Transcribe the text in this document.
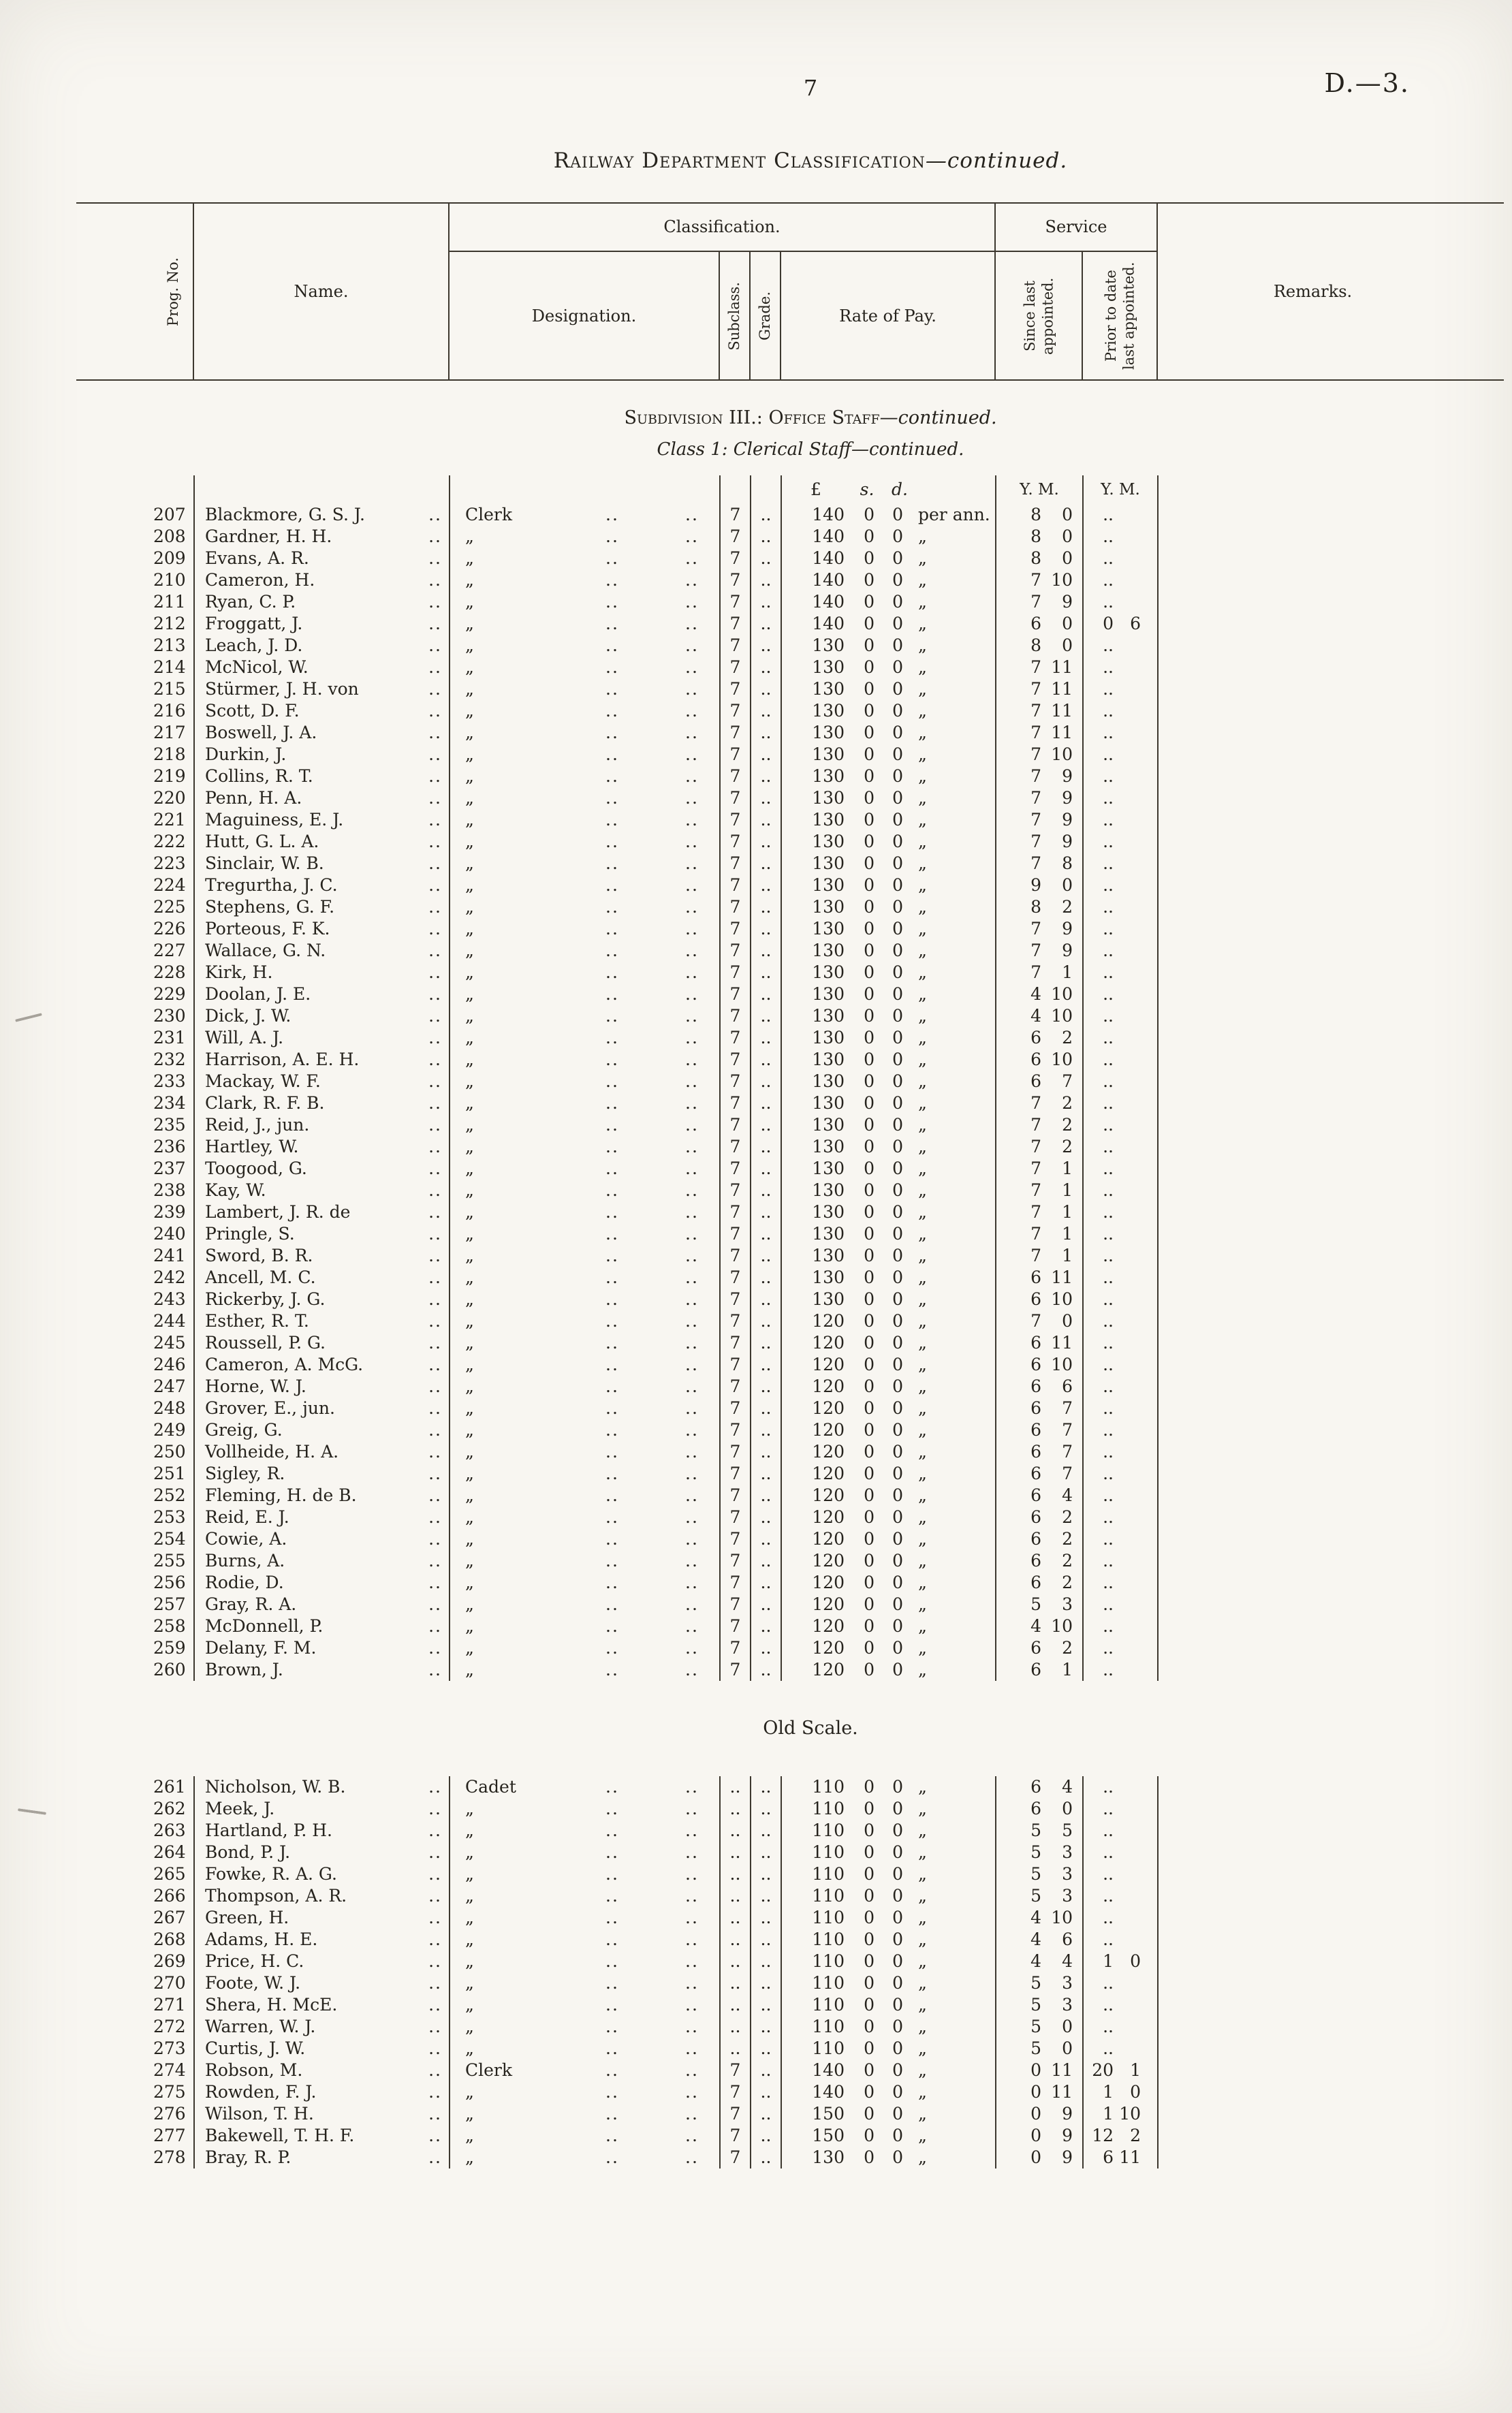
7	D.—3.
Railway Department Classification—continued.
Prog. No.	Name.
Classification.	Service
Remarks.
Designation.	Subclass. Grade.	Rate of Pay.	Since last appointed.	Prior to date last appointed.
Subdivision III.: Office Staff—continued.
Class 1: Clerical Staff—continued.

					£ s. d.	Y. M.	Y. M.	
207	Blackmore, G. S. J. ..	Clerk .. ..	7	..	140 0 0 per ann.	8 0	..	

208	Gardner, H. H. ..	„ .. ..	7	..	140 0 0 „	8 0	..	

209	Evans, A. R. ..	„ .. ..	7	..	140 0 0 „	8 0	..	

210	Cameron, H. ..	„ .. ..	7	..	140 0 0 „	7 10	..	

211	Ryan, C. P. ..	„ .. ..	7	..	140 0 0 „	7 9	..	

212	Froggatt, J. ..	„ .. ..	7	..	140 0 0 „	6 0	0 6	

213	Leach, J. D. ..	„ .. ..	7	..	130 0 0 „	8 0	..	

214	McNicol, W. ..	„ .. ..	7	..	130 0 0 „	7 11	..	

215	Stürmer, J. H. von ..	„ .. ..	7	..	130 0 0 „	7 11	..	

216	Scott, D. F. ..	„ .. ..	7	..	130 0 0 „	7 11	..	

217	Boswell, J. A. ..	„ .. ..	7	..	130 0 0 „	7 11	..	

218	Durkin, J. ..	„ .. ..	7	..	130 0 0 „	7 10	..	

219	Collins, R. T. ..	„ .. ..	7	..	130 0 0 „	7 9	..	

220	Penn, H. A. ..	„ .. ..	7	..	130 0 0 „	7 9	..	

221	Maguiness, E. J. ..	„ .. ..	7	..	130 0 0 „	7 9	..	

222	Hutt, G. L. A. ..	„ .. ..	7	..	130 0 0 „	7 9	..	

223	Sinclair, W. B. ..	„ .. ..	7	..	130 0 0 „	7 8	..	

224	Tregurtha, J. C. ..	„ .. ..	7	..	130 0 0 „	9 0	..	

225	Stephens, G. F. ..	„ .. ..	7	..	130 0 0 „	8 2	..	

226	Porteous, F. K. ..	„ .. ..	7	..	130 0 0 „	7 9	..	

227	Wallace, G. N. ..	„ .. ..	7	..	130 0 0 „	7 9	..	

228	Kirk, H. ..	„ .. ..	7	..	130 0 0 „	7 1	..	

229	Doolan, J. E. ..	„ .. ..	7	..	130 0 0 „	4 10	..	

230	Dick, J. W. ..	„ .. ..	7	..	130 0 0 „	4 10	..	

231	Will, A. J. ..	„ .. ..	7	..	130 0 0 „	6 2	..	

232	Harrison, A. E. H. ..	„ .. ..	7	..	130 0 0 „	6 10	..	

233	Mackay, W. F. ..	„ .. ..	7	..	130 0 0 „	6 7	..	

234	Clark, R. F. B. ..	„ .. ..	7	..	130 0 0 „	7 2	..	

235	Reid, J., jun. ..	„ .. ..	7	..	130 0 0 „	7 2	..	

236	Hartley, W. ..	„ .. ..	7	..	130 0 0 „	7 2	..	

237	Toogood, G. ..	„ .. ..	7	..	130 0 0 „	7 1	..	

238	Kay, W. ..	„ .. ..	7	..	130 0 0 „	7 1	..	

239	Lambert, J. R. de ..	„ .. ..	7	..	130 0 0 „	7 1	..	

240	Pringle, S. ..	„ .. ..	7	..	130 0 0 „	7 1	..	

241	Sword, B. R. ..	„ .. ..	7	..	130 0 0 „	7 1	..	

242	Ancell, M. C. ..	„ .. ..	7	..	130 0 0 „	6 11	..	

243	Rickerby, J. G. ..	„ .. ..	7	..	130 0 0 „	6 10	..	

244	Esther, R. T. ..	„ .. ..	7	..	120 0 0 „	7 0	..	

245	Roussell, P. G. ..	„ .. ..	7	..	120 0 0 „	6 11	..	

246	Cameron, A. McG. ..	„ .. ..	7	..	120 0 0 „	6 10	..	

247	Horne, W. J. ..	„ .. ..	7	..	120 0 0 „	6 6	..	

248	Grover, E., jun. ..	„ .. ..	7	..	120 0 0 „	6 7	..	

249	Greig, G. ..	„ .. ..	7	..	120 0 0 „	6 7	..	

250	Vollheide, H. A. ..	„ .. ..	7	..	120 0 0 „	6 7	..	

251	Sigley, R. ..	„ .. ..	7	..	120 0 0 „	6 7	..	

252	Fleming, H. de B. ..	„ .. ..	7	..	120 0 0 „	6 4	..	

253	Reid, E. J. ..	„ .. ..	7	..	120 0 0 „	6 2	..	

254	Cowie, A. ..	„ .. ..	7	..	120 0 0 „	6 2	..	

255	Burns, A. ..	„ .. ..	7	..	120 0 0 „	6 2	..	

256	Rodie, D. ..	„ .. ..	7	..	120 0 0 „	6 2	..	

257	Gray, R. A. ..	„ .. ..	7	..	120 0 0 „	5 3	..	

258	McDonnell, P. ..	„ .. ..	7	..	120 0 0 „	4 10	..	

259	Delany, F. M. ..	„ .. ..	7	..	120 0 0 „	6 2	..	

260	Brown, J. ..	„ .. ..	7	..	120 0 0 „	6 1	..	

Old Scale.								
261	Nicholson, W. B. ..	Cadet .. ..	..	..	110 0 0 „	6 4	..	

262	Meek, J. ..	„ .. ..	..	..	110 0 0 „	6 0	..	

263	Hartland, P. H. ..	„ .. ..	..	..	110 0 0 „	5 5	..	

264	Bond, P. J. ..	„ .. ..	..	..	110 0 0 „	5 3	..	

265	Fowke, R. A. G. ..	„ .. ..	..	..	110 0 0 „	5 3	..	

266	Thompson, A. R. ..	„ .. ..	..	..	110 0 0 „	5 3	..	

267	Green, H. ..	„ .. ..	..	..	110 0 0 „	4 10	..	

268	Adams, H. E. ..	„ .. ..	..	..	110 0 0 „	4 6	..	

269	Price, H. C. ..	„ .. ..	..	..	110 0 0 „	4 4	1 0	

270	Foote, W. J. ..	„ .. ..	..	..	110 0 0 „	5 3	..	

271	Shera, H. McE. ..	„ .. ..	..	..	110 0 0 „	5 3	..	

272	Warren, W. J. ..	„ .. ..	..	..	110 0 0 „	5 0	..	

273	Curtis, J. W. ..	„ .. ..	..	..	110 0 0 „	5 0	..	

274	Robson, M. ..	Clerk .. ..	7	..	140 0 0 „	0 11	20 1	

275	Rowden, F. J. ..	„ .. ..	7	..	140 0 0 „	0 11	1 0	

276	Wilson, T. H. ..	„ .. ..	7	..	150 0 0 „	0 9	1 10	

277	Bakewell, T. H. F. ..	„ .. ..	7	..	150 0 0 „	0 9	12 2	

278	Bray, R. P. ..	„ .. ..	7	..	130 0 0 „	0 9	6 11	
